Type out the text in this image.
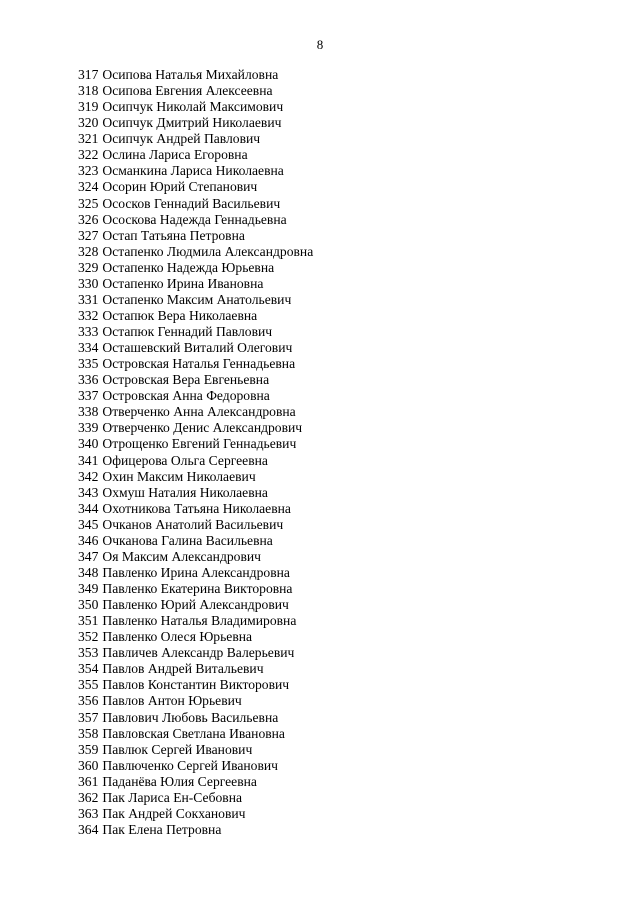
8
317 Осипова Наталья Михайловна
318 Осипова Евгения Алексеевна
319 Осипчук Николай Максимович
320 Осипчук Дмитрий Николаевич
321 Осипчук Андрей Павлович
322 Ослина Лариса Егоровна
323 Османкина Лариса Николаевна
324 Осорин Юрий Степанович
325 Ососков Геннадий Васильевич
326 Ососкова Надежда Геннадьевна
327 Остап Татьяна Петровна
328 Остапенко Людмила Александровна
329 Остапенко Надежда Юрьевна
330 Остапенко Ирина Ивановна
331 Остапенко Максим Анатольевич
332 Остапюк Вера Николаевна
333 Остапюк Геннадий Павлович
334 Осташевский Виталий Олегович
335 Островская Наталья Геннадьевна
336 Островская Вера Евгеньевна
337 Островская Анна Федоровна
338 Отверченко Анна Александровна
339 Отверченко Денис Александрович
340 Отрощенко Евгений Геннадьевич
341 Офицерова Ольга Сергеевна
342 Охин Максим Николаевич
343 Охмуш Наталия Николаевна
344 Охотникова Татьяна Николаевна
345 Очканов Анатолий Васильевич
346 Очканова Галина Васильевна
347 Оя Максим Александрович
348 Павленко Ирина Александровна
349 Павленко Екатерина Викторовна
350 Павленко Юрий Александрович
351 Павленко Наталья Владимировна
352 Павленко Олеся Юрьевна
353 Павличев Александр Валерьевич
354 Павлов Андрей Витальевич
355 Павлов Константин Викторович
356 Павлов Антон Юрьевич
357 Павлович Любовь Васильевна
358 Павловская Светлана Ивановна
359 Павлюк Сергей Иванович
360 Павлюченко Сергей Иванович
361 Паданёва Юлия Сергеевна
362 Пак Лариса Ен-Себовна
363 Пак Андрей Сокханович
364 Пак Елена Петровна
